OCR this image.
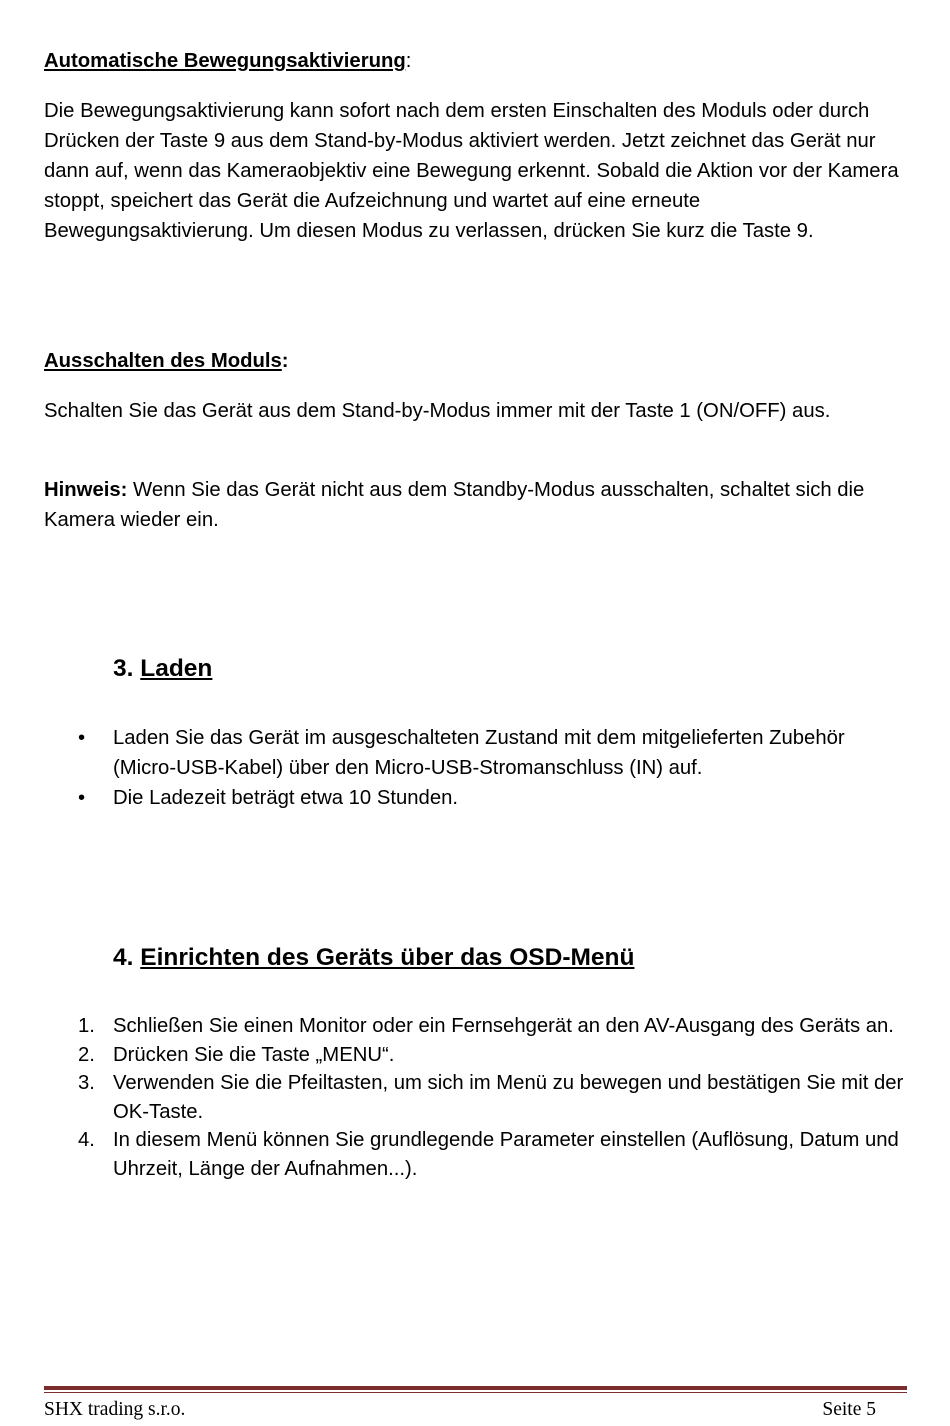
Automatische Bewegungsaktivierung:

Die Bewegungsaktivierung kann sofort nach dem ersten Einschalten des Moduls oder durch Drücken der Taste 9 aus dem Stand-by-Modus aktiviert werden. Jetzt zeichnet das Gerät nur dann auf, wenn das Kameraobjektiv eine Bewegung erkennt. Sobald die Aktion vor der Kamera stoppt, speichert das Gerät die Aufzeichnung und wartet auf eine erneute Bewegungsaktivierung. Um diesen Modus zu verlassen, drücken Sie kurz die Taste 9.

Ausschalten des Moduls:

Schalten Sie das Gerät aus dem Stand-by-Modus immer mit der Taste 1 (ON/OFF) aus.

Hinweis: Wenn Sie das Gerät nicht aus dem Standby-Modus ausschalten, schaltet sich die Kamera wieder ein.

3. Laden
• Laden Sie das Gerät im ausgeschalteten Zustand mit dem mitgelieferten Zubehör (Micro-USB-Kabel) über den Micro-USB-Stromanschluss (IN) auf.
• Die Ladezeit beträgt etwa 10 Stunden.
4. Einrichten des Geräts über das OSD-Menü
1. Schließen Sie einen Monitor oder ein Fernsehgerät an den AV-Ausgang des Geräts an.
2. Drücken Sie die Taste „MENU“.
3. Verwenden Sie die Pfeiltasten, um sich im Menü zu bewegen und bestätigen Sie mit der OK-Taste.
4. In diesem Menü können Sie grundlegende Parameter einstellen (Auflösung, Datum und Uhrzeit, Länge der Aufnahmen...).
SHX trading s.r.o.	Seite 5
